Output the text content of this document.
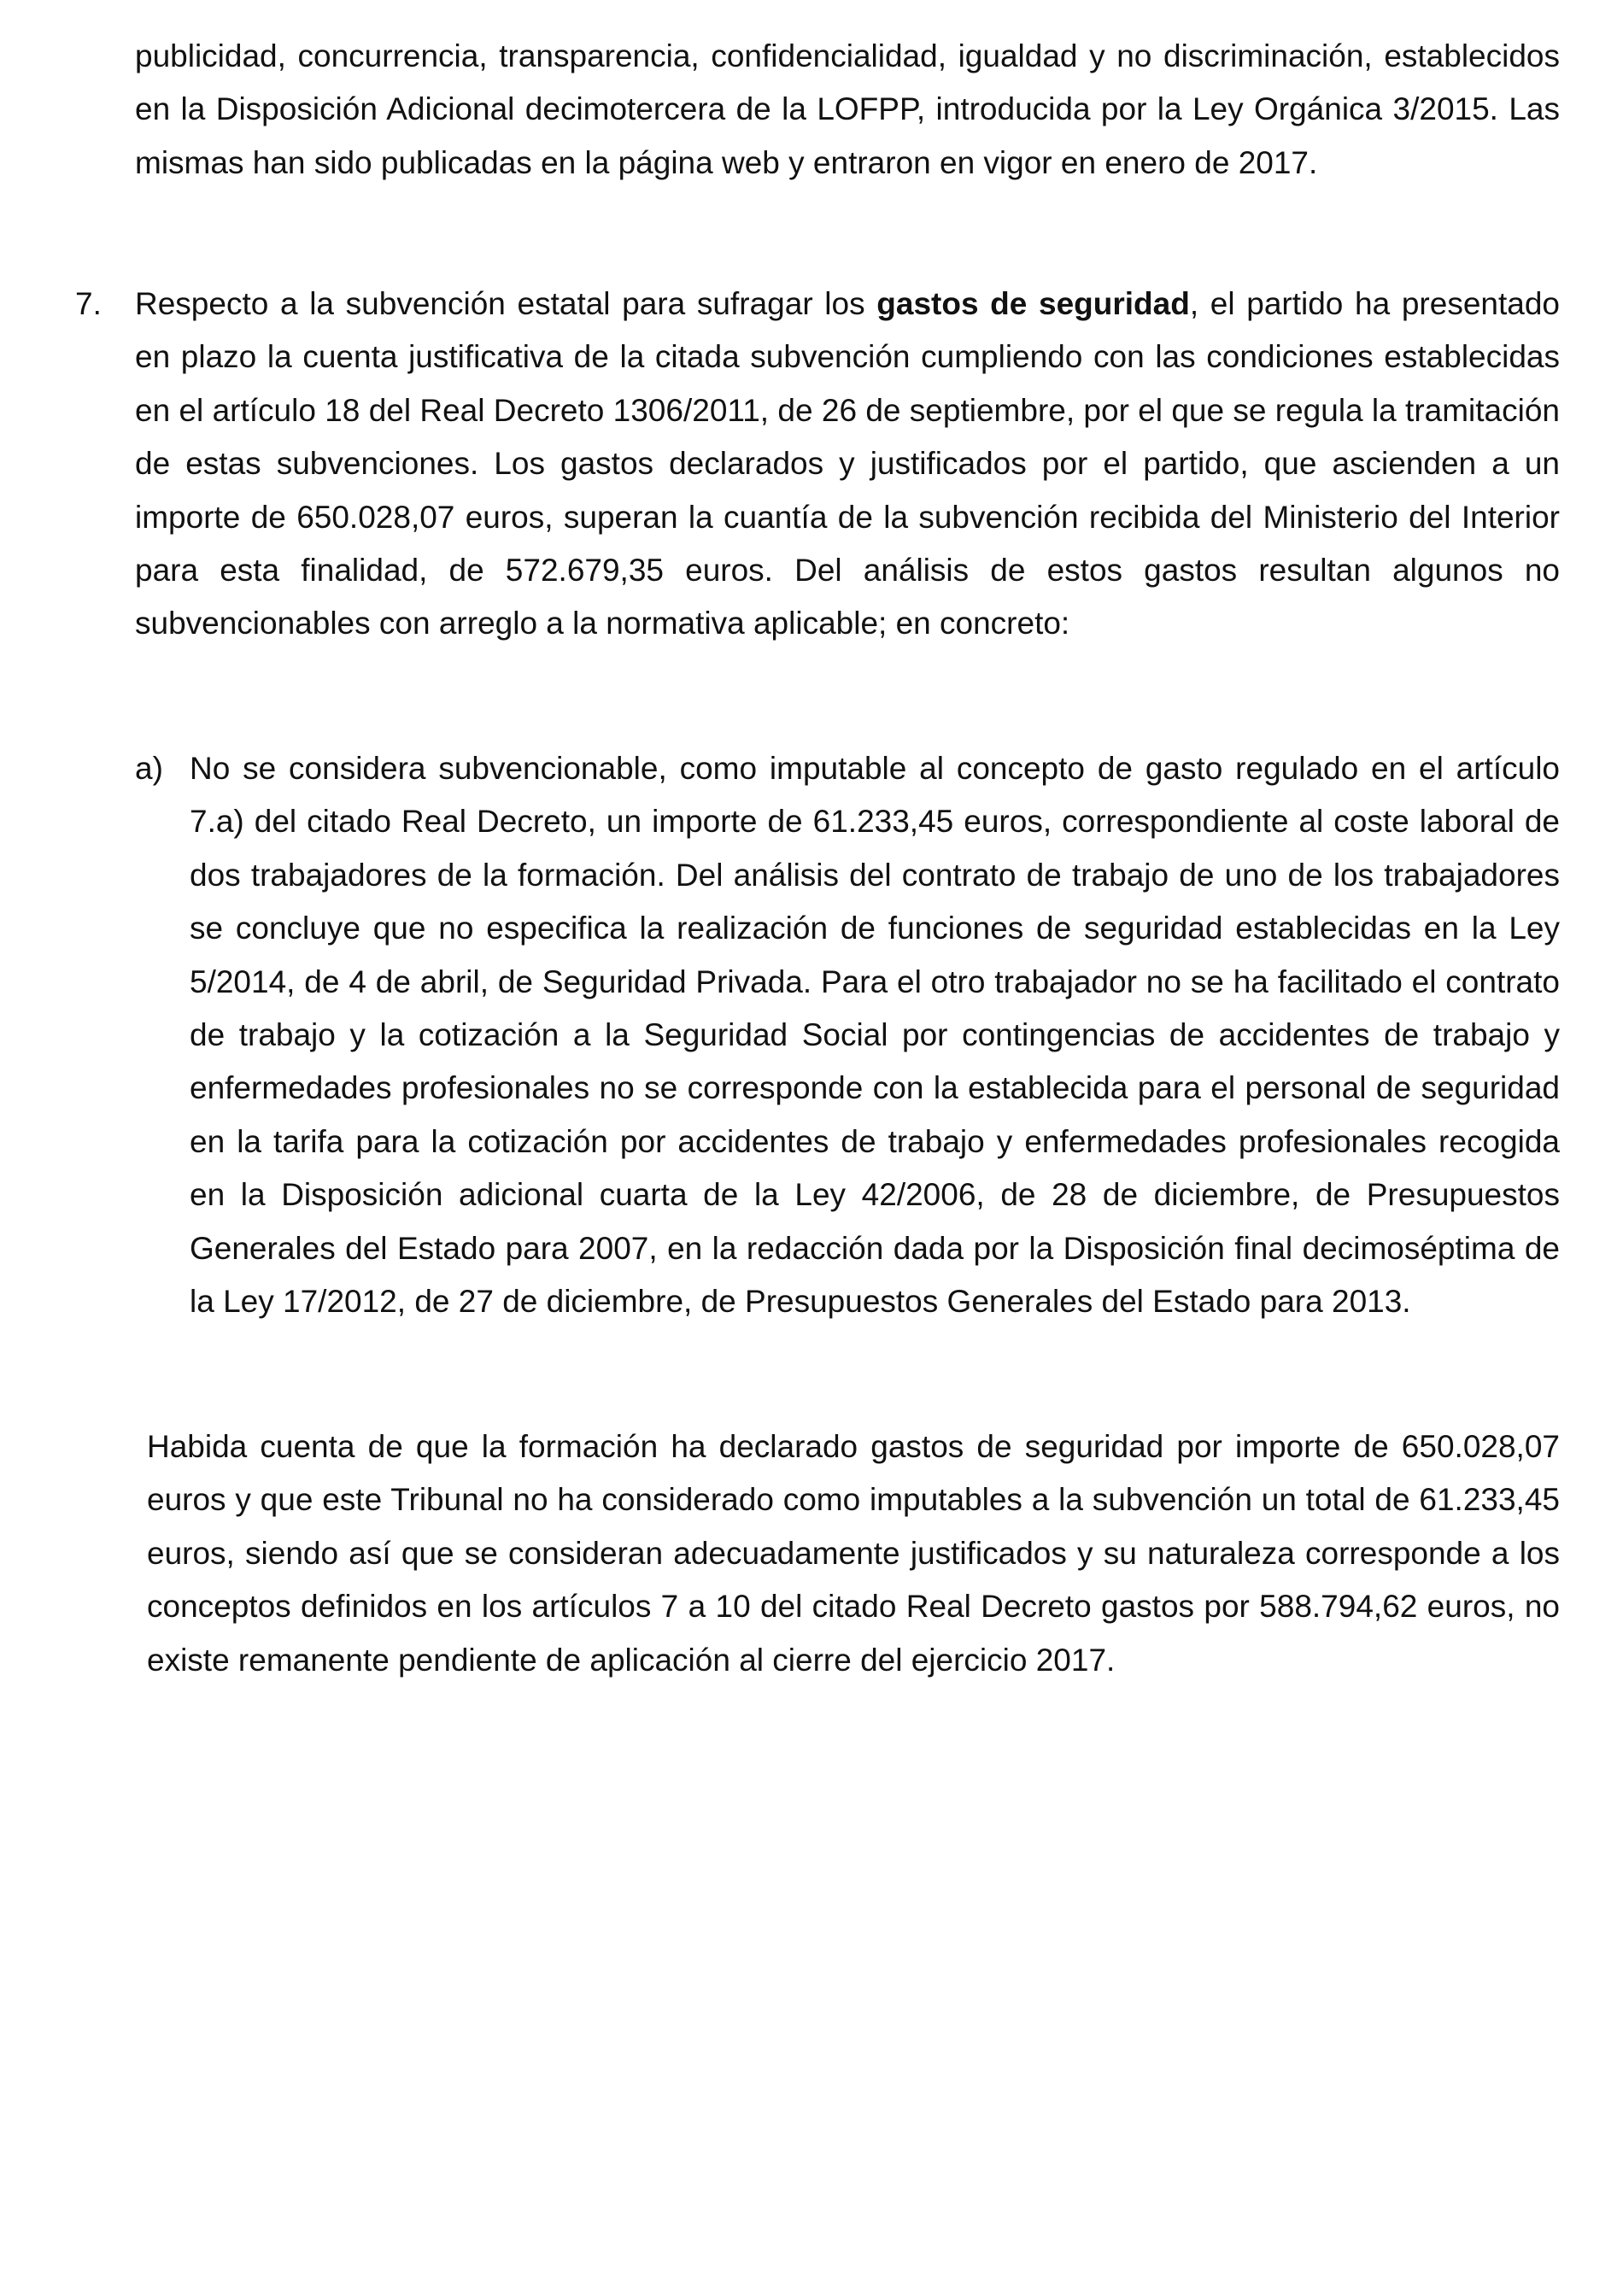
publicidad, concurrencia, transparencia, confidencialidad, igualdad y no discriminación, establecidos en la Disposición Adicional decimotercera de la LOFPP, introducida por la Ley Orgánica 3/2015. Las mismas han sido publicadas en la página web y entraron en vigor en enero de 2017.

7. Respecto a la subvención estatal para sufragar los gastos de seguridad, el partido ha presentado en plazo la cuenta justificativa de la citada subvención cumpliendo con las condiciones establecidas en el artículo 18 del Real Decreto 1306/2011, de 26 de septiembre, por el que se regula la tramitación de estas subvenciones. Los gastos declarados y justificados por el partido, que ascienden a un importe de 650.028,07 euros, superan la cuantía de la subvención recibida del Ministerio del Interior para esta finalidad, de 572.679,35 euros. Del análisis de estos gastos resultan algunos no subvencionables con arreglo a la normativa aplicable; en concreto:

a) No se considera subvencionable, como imputable al concepto de gasto regulado en el artículo 7.a) del citado Real Decreto, un importe de 61.233,45 euros, correspondiente al coste laboral de dos trabajadores de la formación. Del análisis del contrato de trabajo de uno de los trabajadores se concluye que no especifica la realización de funciones de seguridad establecidas en la Ley 5/2014, de 4 de abril, de Seguridad Privada. Para el otro trabajador no se ha facilitado el contrato de trabajo y la cotización a la Seguridad Social por contingencias de accidentes de trabajo y enfermedades profesionales no se corresponde con la establecida para el personal de seguridad en la tarifa para la cotización por accidentes de trabajo y enfermedades profesionales recogida en la Disposición adicional cuarta de la Ley 42/2006, de 28 de diciembre, de Presupuestos Generales del Estado para 2007, en la redacción dada por la Disposición final decimoséptima de la Ley 17/2012, de 27 de diciembre, de Presupuestos Generales del Estado para 2013.

Habida cuenta de que la formación ha declarado gastos de seguridad por importe de 650.028,07 euros y que este Tribunal no ha considerado como imputables a la subvención un total de 61.233,45 euros, siendo así que se consideran adecuadamente justificados y su naturaleza corresponde a los conceptos definidos en los artículos 7 a 10 del citado Real Decreto gastos por 588.794,62 euros, no existe remanente pendiente de aplicación al cierre del ejercicio 2017.
